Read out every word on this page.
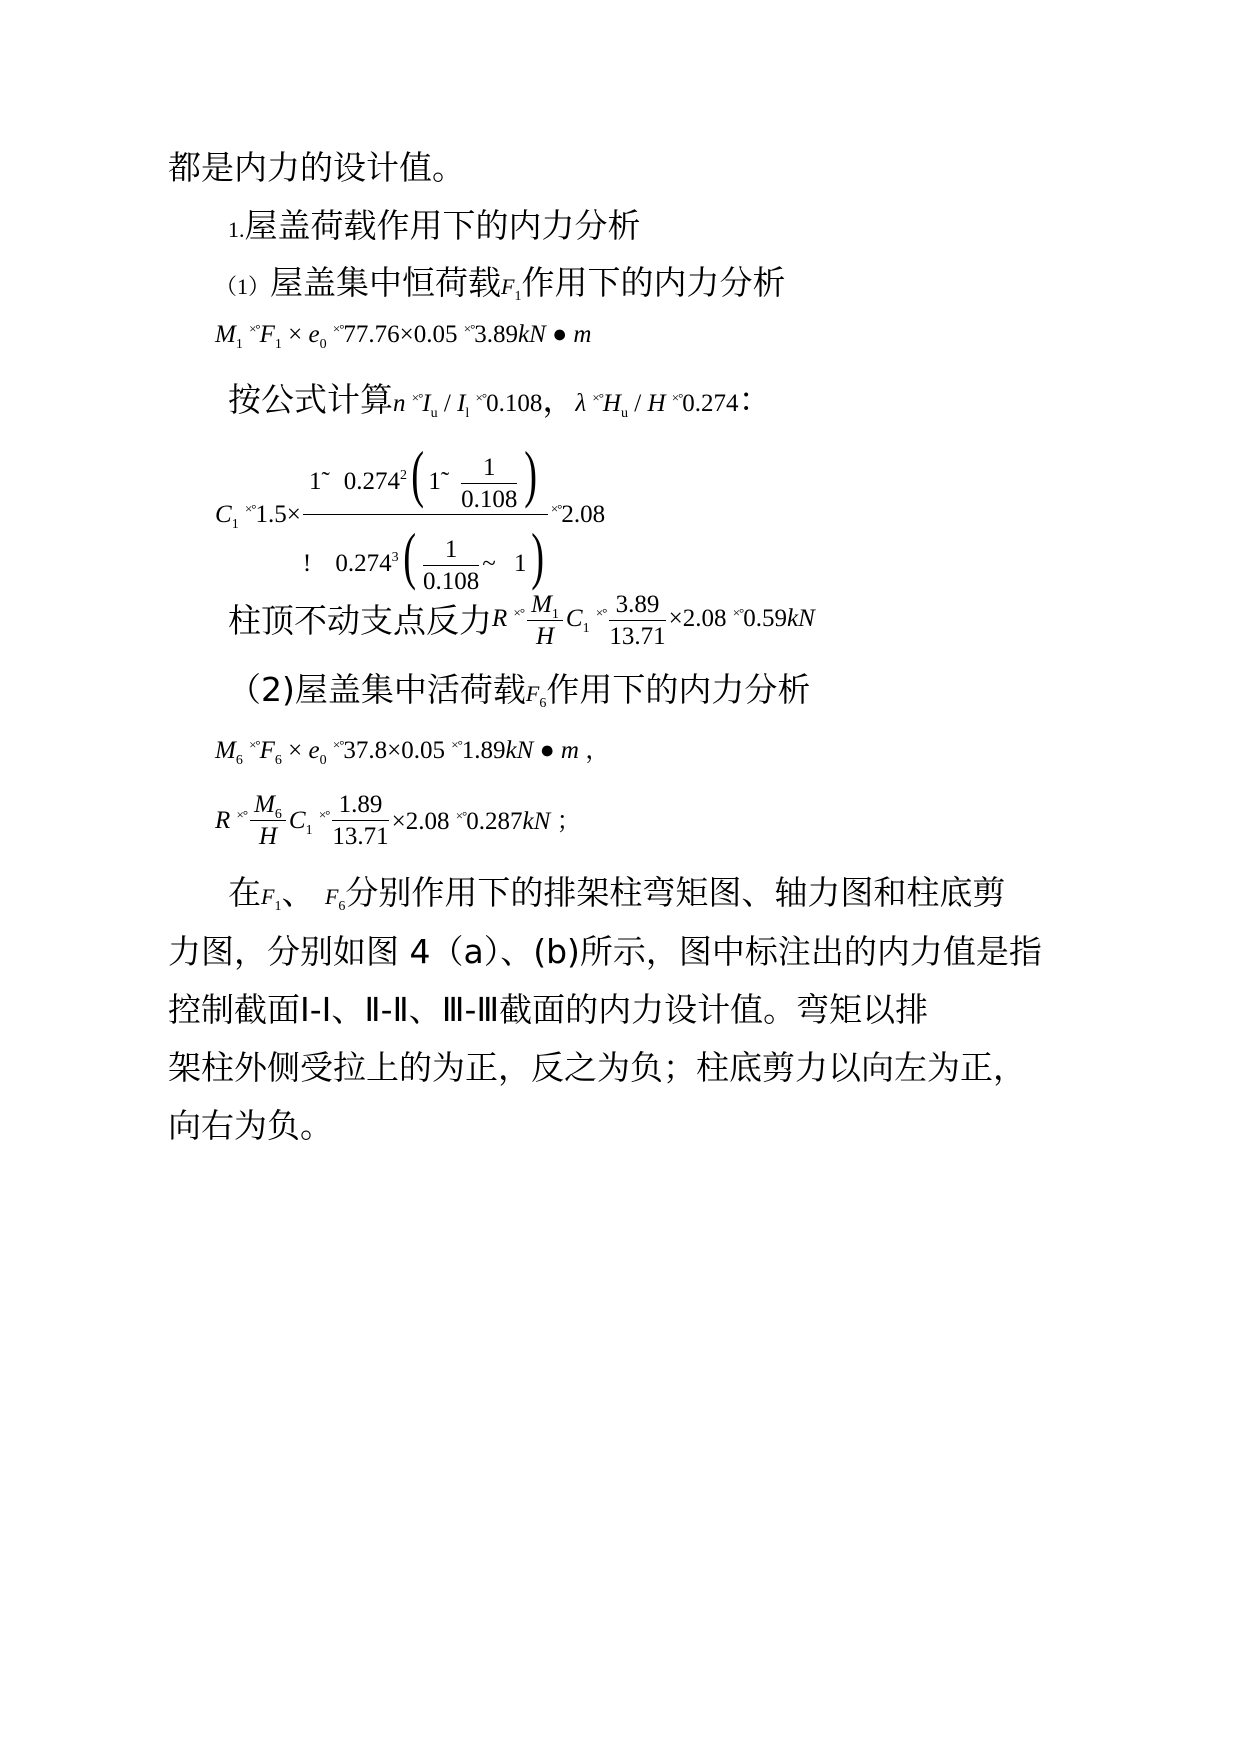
都是内力的设计值。
1.屋盖荷载作用下的内力分析
（1）屋盖集中恒荷载$F_1$作用下的内力分析
$M_1$ $^{\times^\circ}F_1 \times e_0$ ×°77.76×0.05 ×°3.89kN ● m
按公式计算n $^{\times^\circ}I_u / I_l$ ×°0.108，λ $^{\times^\circ}H_u$ / H ×°0.274：
$C_1$ $^{\times^\circ}1.5\times \frac{1̃ 0.274^2( 1̃ \frac{1}{0.108} )}{! 0.274^3( \frac{1}{0.108} \sim 1)} ^{\times^\circ}2.08$
柱顶不动支点反力R $^{\times^\circ} \frac{M_1}{H} C_1$ $^{\times^\circ} \frac{3.89}{13.71} \times 2.08$ ×°0.59kN
（2)屋盖集中活荷载$F_6$作用下的内力分析
$M_6$ $^{\times^\circ}F_6 \times e_0$ ×°37.8×0.05 ×°1.89kN ● m ，
R $^{\times^\circ} \frac{M_6}{H} C_1$ $^{\times^\circ} \frac{1.89}{13.71} \times 2.08$ ×°0.287kN ；
在$F_1$、 $F_6$分别作用下的排架柱弯矩图、轴力图和柱底剪
力图，分别如图 4（a）、(b)所示，图中标注出的内力值是指
控制截面Ⅰ-Ⅰ、Ⅱ-Ⅱ、Ⅲ-Ⅲ截面的内力设计值。弯矩以排
架柱外侧受拉上的为正，反之为负；柱底剪力以向左为正，
向右为负。
